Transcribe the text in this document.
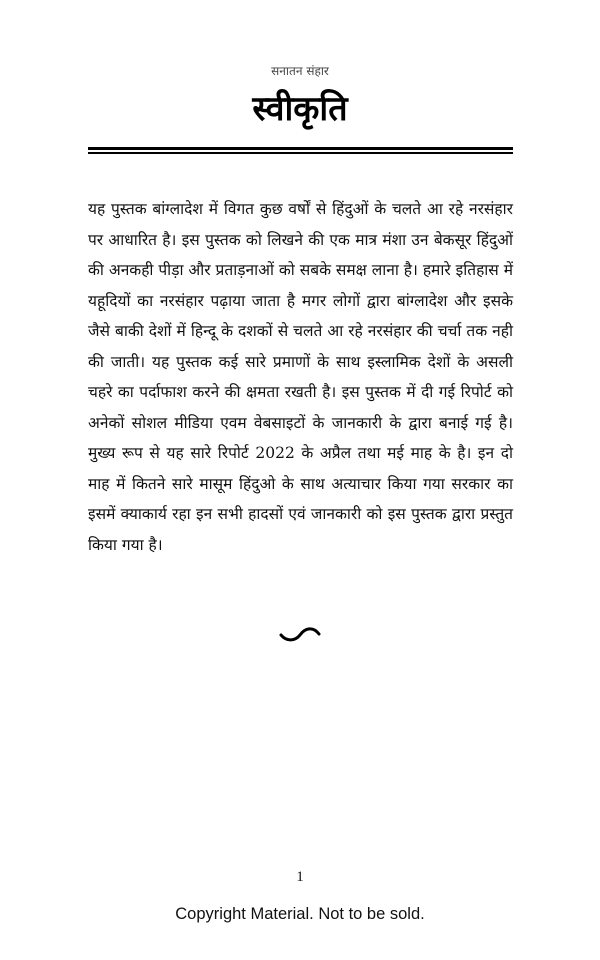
सनातन संहार
स्वीकृति

यह पुस्तक बांग्लादेश में विगत कुछ वर्षों से हिंदुओं के चलते आ रहे नरसंहार पर आधारित है। इस पुस्तक को लिखने की एक मात्र मंशा उन बेकसूर हिंदुओं की अनकही पीड़ा और प्रताड़नाओं को सबके समक्ष लाना है। हमारे इतिहास में यहूदियों का नरसंहार पढ़ाया जाता है मगर लोगों द्वारा बांग्लादेश और इसके जैसे बाकी देशों में हिन्दू के दशकों से चलते आ रहे नरसंहार की चर्चा तक नही की जाती। यह पुस्तक कई सारे प्रमाणों के साथ इस्लामिक देशों के असली चहरे का पर्दाफाश करने की क्षमता रखती है। इस पुस्तक में दी गई रिपोर्ट को अनेकों सोशल मीडिया एवम वेबसाइटों के जानकारी के द्वारा बनाई गई है। मुख्य रूप से यह सारे रिपोर्ट 2022 के अप्रैल तथा मई माह के है। इन दो माह में कितने सारे मासूम हिंदुओ के साथ अत्याचार किया गया सरकार का इसमें क्याकार्य रहा इन सभी हादसों एवं जानकारी को इस पुस्तक द्वारा प्रस्तुत किया गया है।

1
Copyright Material. Not to be sold.
